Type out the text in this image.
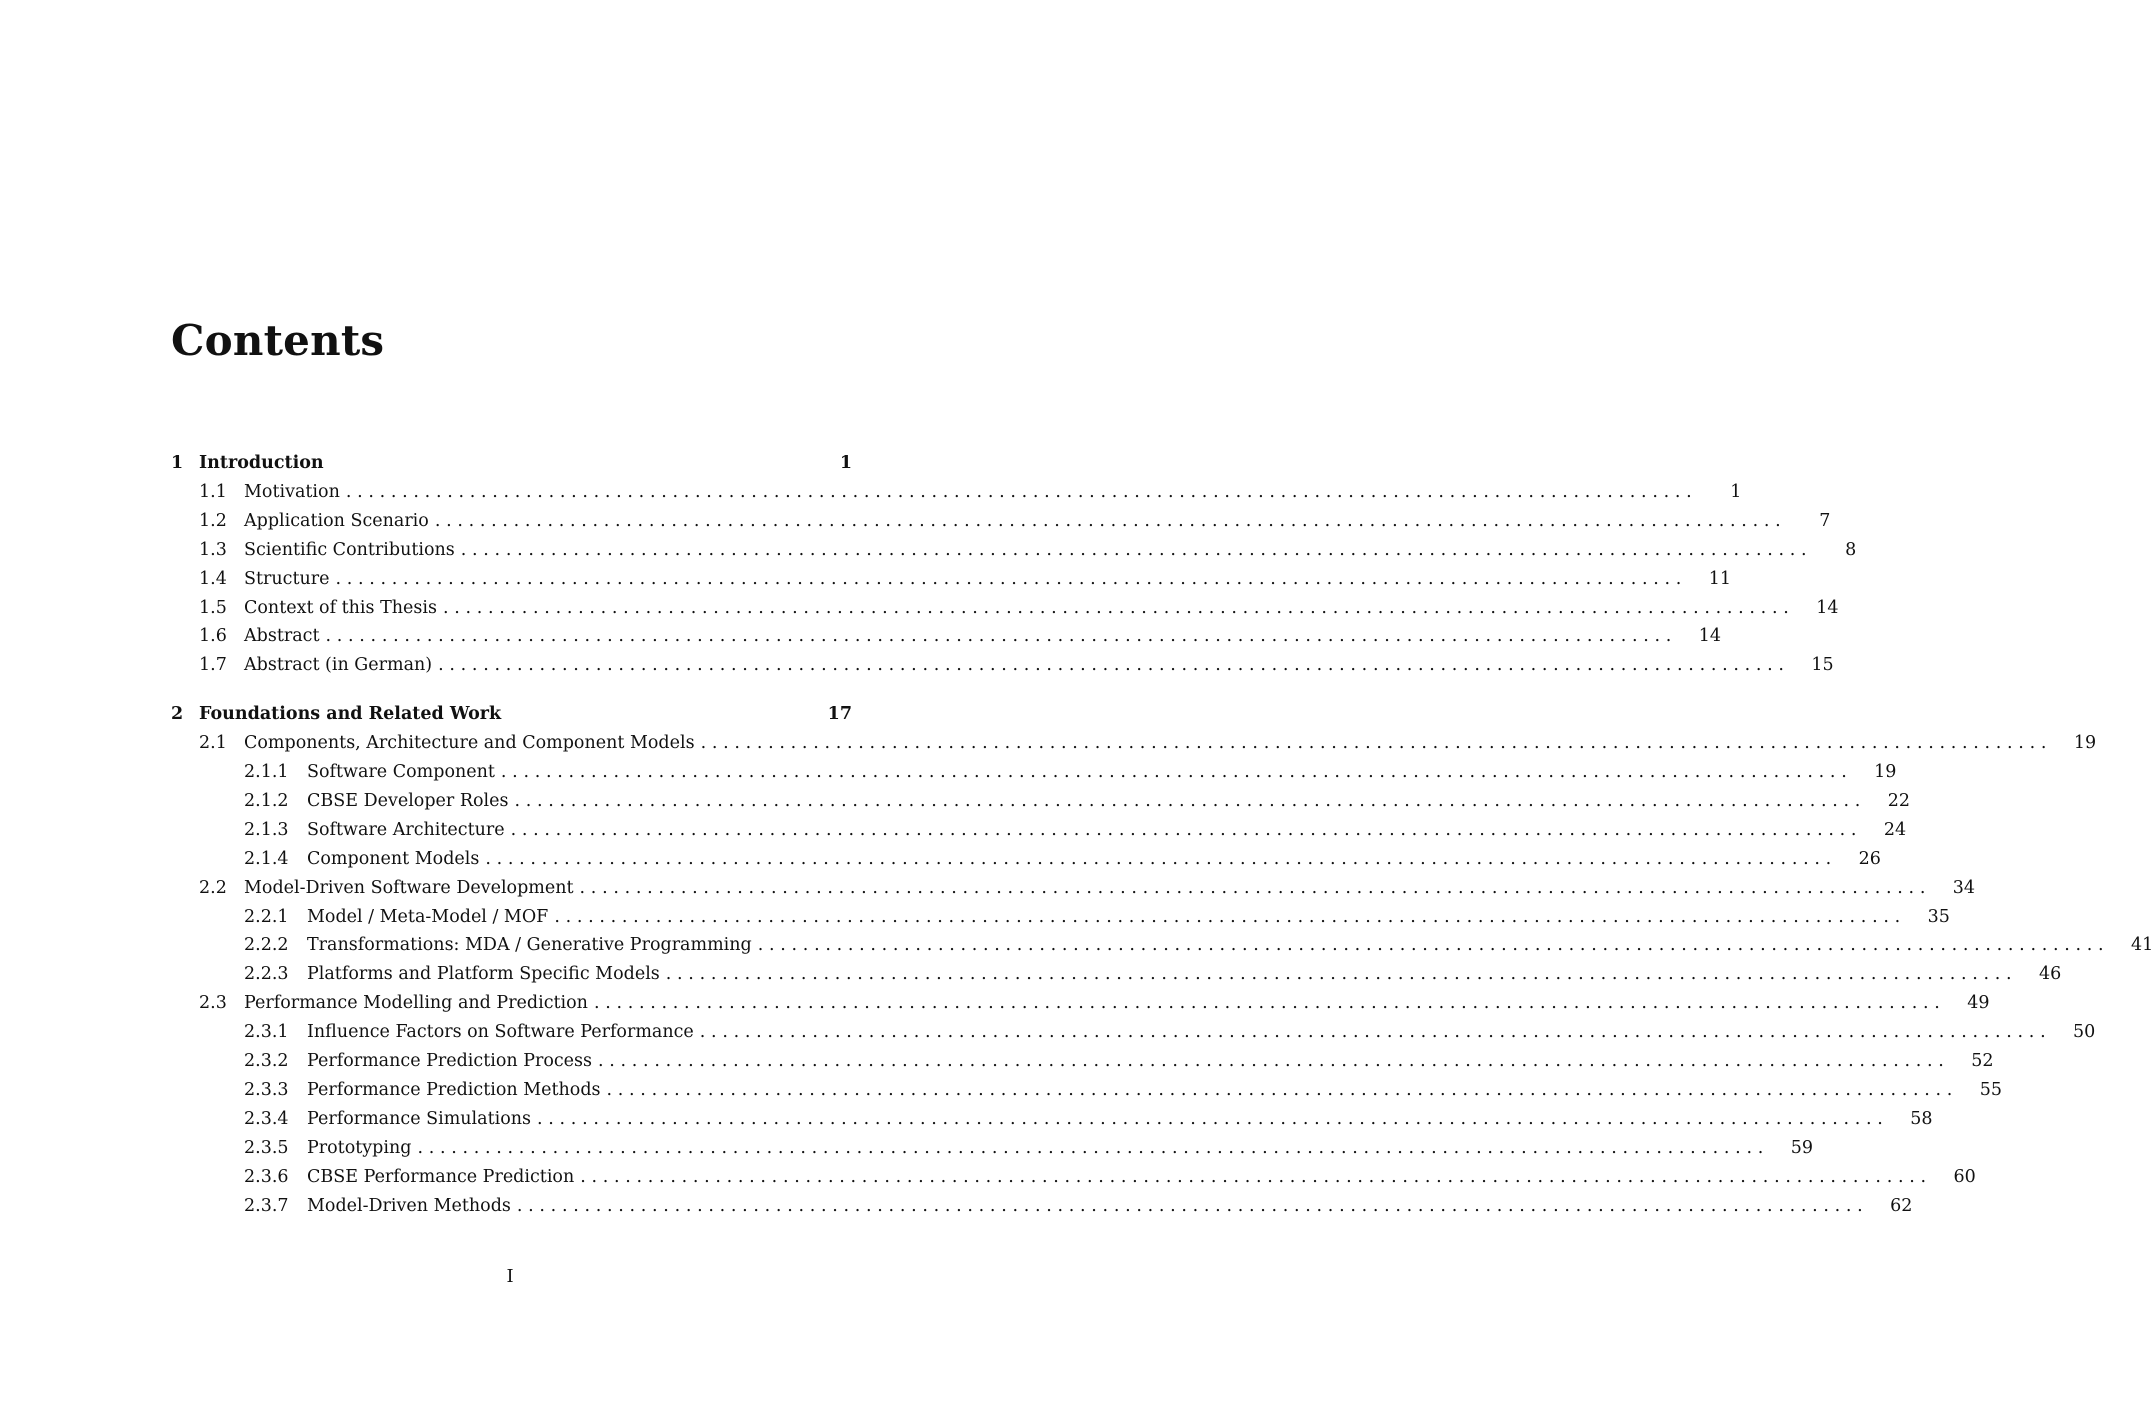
Contents
1 Introduction	1
1.1 Motivation ........................................................................................................................	1
1.2 Application Scenario ........................................................................................................................	7
1.3 Scientific Contributions ........................................................................................................................	8
1.4 Structure ........................................................................................................................	11
1.5 Context of this Thesis ........................................................................................................................	14
1.6 Abstract ........................................................................................................................	14
1.7 Abstract (in German) ........................................................................................................................	15
2 Foundations and Related Work	17
2.1 Components, Architecture and Component Models ........................................................................................................................	19
2.1.1 Software Component ........................................................................................................................	19
2.1.2 CBSE Developer Roles ........................................................................................................................	22
2.1.3 Software Architecture ........................................................................................................................	24
2.1.4 Component Models ........................................................................................................................	26
2.2 Model-Driven Software Development ........................................................................................................................	34
2.2.1 Model / Meta-Model / MOF ........................................................................................................................	35
2.2.2 Transformations: MDA / Generative Programming ........................................................................................................................	41
2.2.3 Platforms and Platform Specific Models ........................................................................................................................	46
2.3 Performance Modelling and Prediction ........................................................................................................................	49
2.3.1 Influence Factors on Software Performance ........................................................................................................................	50
2.3.2 Performance Prediction Process ........................................................................................................................	52
2.3.3 Performance Prediction Methods ........................................................................................................................	55
2.3.4 Performance Simulations ........................................................................................................................	58
2.3.5 Prototyping ........................................................................................................................	59
2.3.6 CBSE Performance Prediction ........................................................................................................................	60
2.3.7 Model-Driven Methods ........................................................................................................................	62
I
